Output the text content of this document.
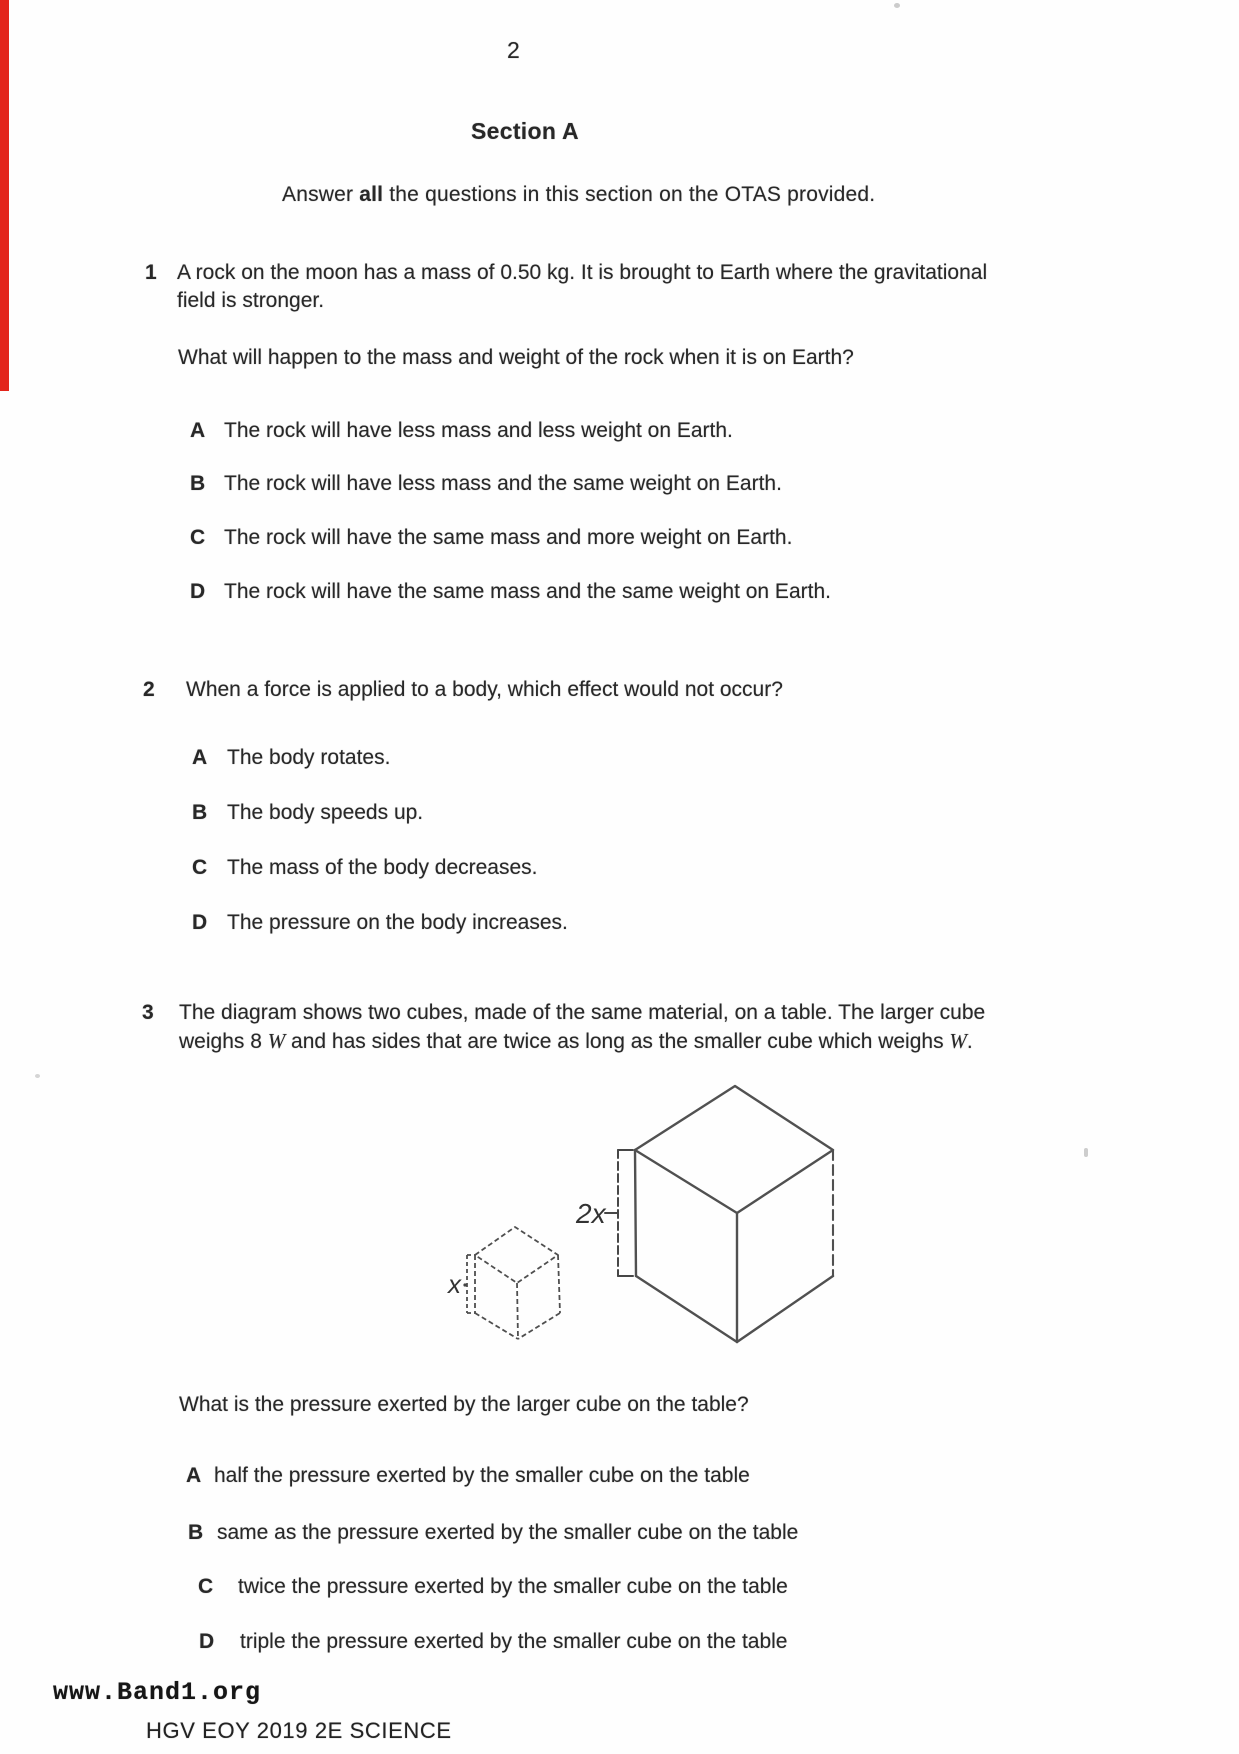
2
Section A
Answer all the questions in this section on the OTAS provided.
1 A rock on the moon has a mass of 0.50 kg. It is brought to Earth where the gravitational
field is stronger.
What will happen to the mass and weight of the rock when it is on Earth?
A The rock will have less mass and less weight on Earth.
B The rock will have less mass and the same weight on Earth.
C The rock will have the same mass and more weight on Earth.
D The rock will have the same mass and the same weight on Earth.
2 When a force is applied to a body, which effect would not occur?
A The body rotates.
B The body speeds up.
C The mass of the body decreases.
D The pressure on the body increases.
3 The diagram shows two cubes, made of the same material, on a table. The larger cube
weighs 8 W and has sides that are twice as long as the smaller cube which weighs W.
2x
x
What is the pressure exerted by the larger cube on the table?
A half the pressure exerted by the smaller cube on the table
B same as the pressure exerted by the smaller cube on the table
C twice the pressure exerted by the smaller cube on the table
D triple the pressure exerted by the smaller cube on the table
www.Band1.org
HGV EOY 2019 2E SCIENCE
